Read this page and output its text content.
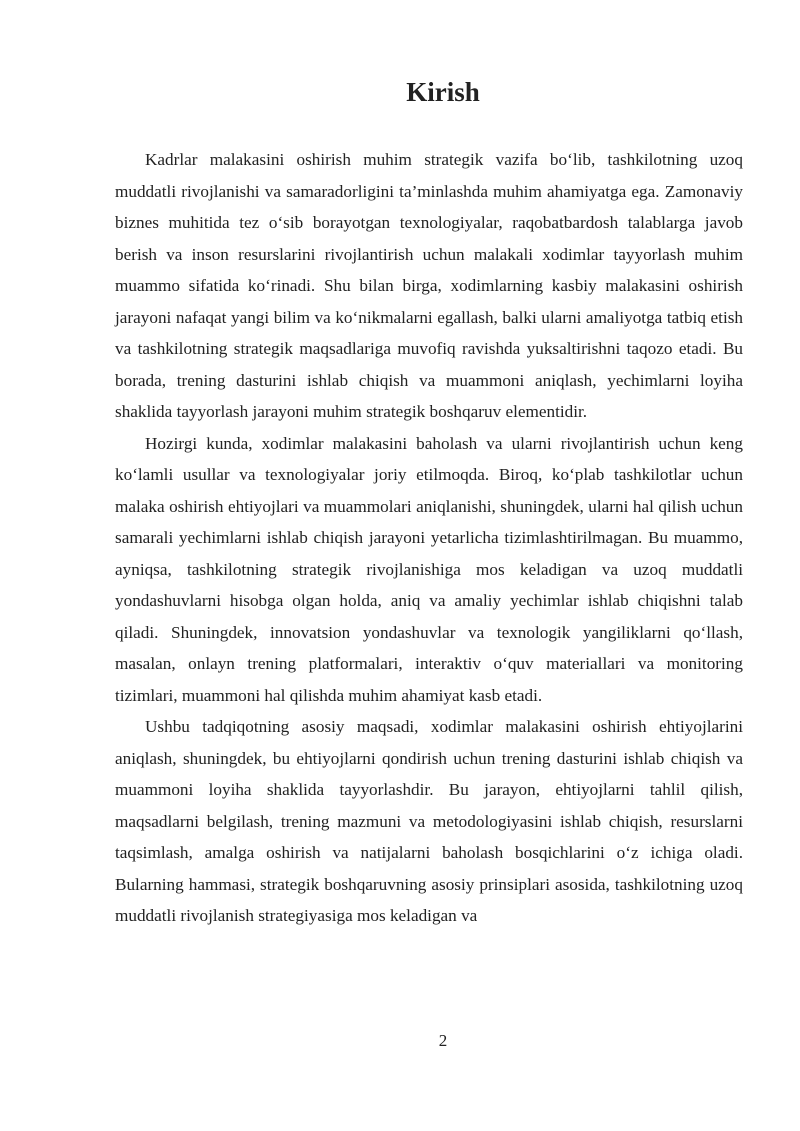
Kirish

Kadrlar malakasini oshirish muhim strategik vazifa bo‘lib, tashkilotning uzoq muddatli rivojlanishi va samaradorligini ta’minlashda muhim ahamiyatga ega. Zamonaviy biznes muhitida tez o‘sib borayotgan texnologiyalar, raqobatbardosh talablarga javob berish va inson resurslarini rivojlantirish uchun malakali xodimlar tayyorlash muhim muammo sifatida ko‘rinadi. Shu bilan birga, xodimlarning kasbiy malakasini oshirish jarayoni nafaqat yangi bilim va ko‘nikmalarni egallash, balki ularni amaliyotga tatbiq etish va tashkilotning strategik maqsadlariga muvofiq ravishda yuksaltirishni taqozo etadi. Bu borada, trening dasturini ishlab chiqish va muammoni aniqlash, yechimlarni loyiha shaklida tayyorlash jarayoni muhim strategik boshqaruv elementidir.

Hozirgi kunda, xodimlar malakasini baholash va ularni rivojlantirish uchun keng ko‘lamli usullar va texnologiyalar joriy etilmoqda. Biroq, ko‘plab tashkilotlar uchun malaka oshirish ehtiyojlari va muammolari aniqlanishi, shuningdek, ularni hal qilish uchun samarali yechimlarni ishlab chiqish jarayoni yetarlicha tizimlashtirilmagan. Bu muammo, ayniqsa, tashkilotning strategik rivojlanishiga mos keladigan va uzoq muddatli yondashuvlarni hisobga olgan holda, aniq va amaliy yechimlar ishlab chiqishni talab qiladi. Shuningdek, innovatsion yondashuvlar va texnologik yangiliklarni qo‘llash, masalan, onlayn trening platformalari, interaktiv o‘quv materiallari va monitoring tizimlari, muammoni hal qilishda muhim ahamiyat kasb etadi.

Ushbu tadqiqotning asosiy maqsadi, xodimlar malakasini oshirish ehtiyojlarini aniqlash, shuningdek, bu ehtiyojlarni qondirish uchun trening dasturini ishlab chiqish va muammoni loyiha shaklida tayyorlashdir. Bu jarayon, ehtiyojlarni tahlil qilish, maqsadlarni belgilash, trening mazmuni va metodologiyasini ishlab chiqish, resurslarni taqsimlash, amalga oshirish va natijalarni baholash bosqichlarini o‘z ichiga oladi. Bularning hammasi, strategik boshqaruvning asosiy prinsiplari asosida, tashkilotning uzoq muddatli rivojlanish strategiyasiga mos keladigan va

2
